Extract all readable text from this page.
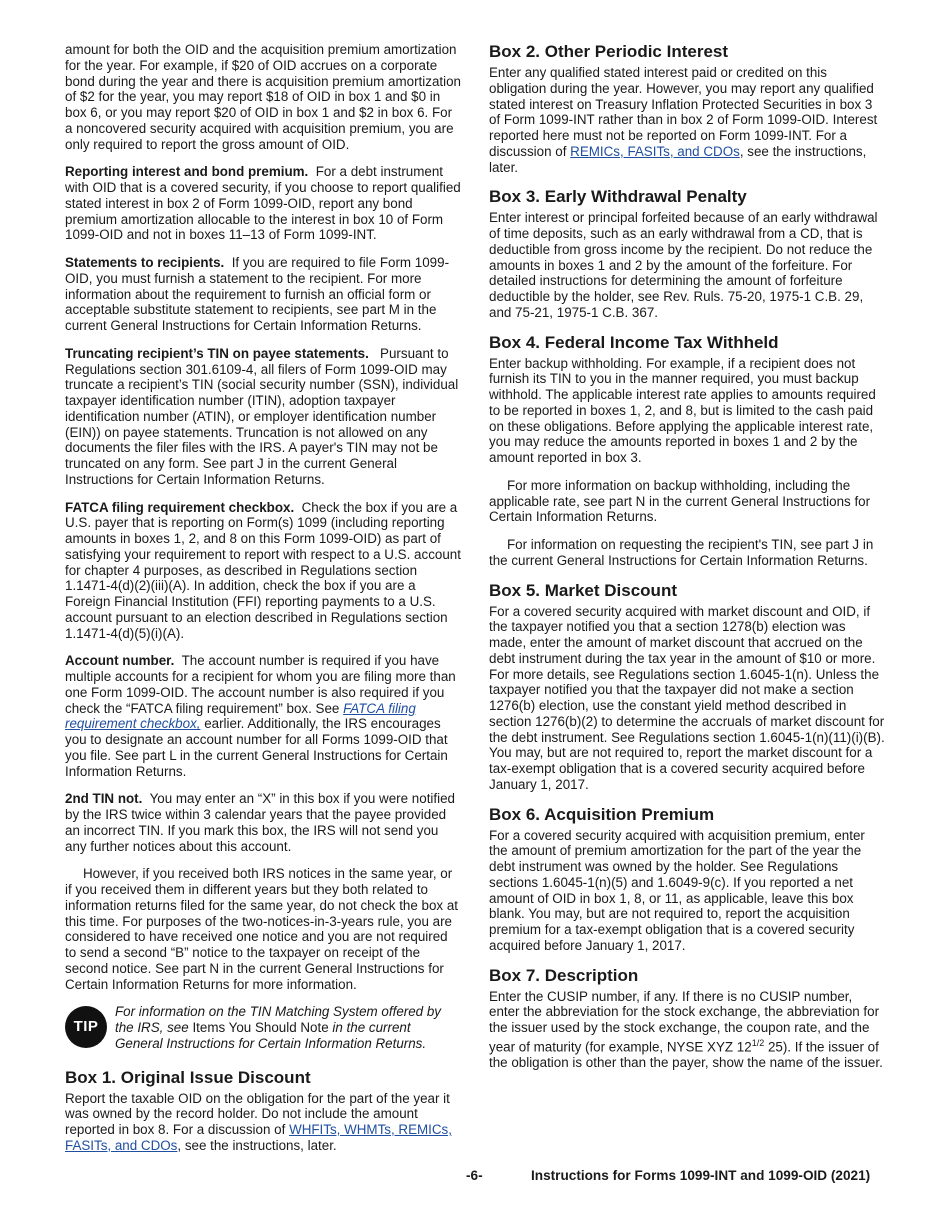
amount for both the OID and the acquisition premium amortization for the year. For example, if $20 of OID accrues on a corporate bond during the year and there is acquisition premium amortization of $2 for the year, you may report $18 of OID in box 1 and $0 in box 6, or you may report $20 of OID in box 1 and $2 in box 6. For a noncovered security acquired with acquisition premium, you are only required to report the gross amount of OID.

Reporting interest and bond premium. For a debt instrument with OID that is a covered security, if you choose to report qualified stated interest in box 2 of Form 1099-OID, report any bond premium amortization allocable to the interest in box 10 of Form 1099-OID and not in boxes 11–13 of Form 1099-INT.

Statements to recipients. If you are required to file Form 1099-OID, you must furnish a statement to the recipient. For more information about the requirement to furnish an official form or acceptable substitute statement to recipients, see part M in the current General Instructions for Certain Information Returns.

Truncating recipient’s TIN on payee statements. Pursuant to Regulations section 301.6109-4, all filers of Form 1099-OID may truncate a recipient’s TIN (social security number (SSN), individual taxpayer identification number (ITIN), adoption taxpayer identification number (ATIN), or employer identification number (EIN)) on payee statements. Truncation is not allowed on any documents the filer files with the IRS. A payer's TIN may not be truncated on any form. See part J in the current General Instructions for Certain Information Returns.

FATCA filing requirement checkbox. Check the box if you are a U.S. payer that is reporting on Form(s) 1099 (including reporting amounts in boxes 1, 2, and 8 on this Form 1099-OID) as part of satisfying your requirement to report with respect to a U.S. account for chapter 4 purposes, as described in Regulations section 1.1471-4(d)(2)(iii)(A). In addition, check the box if you are a Foreign Financial Institution (FFI) reporting payments to a U.S. account pursuant to an election described in Regulations section 1.1471-4(d)(5)(i)(A).

Account number. The account number is required if you have multiple accounts for a recipient for whom you are filing more than one Form 1099-OID. The account number is also required if you check the “FATCA filing requirement” box. See FATCA filing requirement checkbox, earlier. Additionally, the IRS encourages you to designate an account number for all Forms 1099-OID that you file. See part L in the current General Instructions for Certain Information Returns.

2nd TIN not. You may enter an “X” in this box if you were notified by the IRS twice within 3 calendar years that the payee provided an incorrect TIN. If you mark this box, the IRS will not send you any further notices about this account.

However, if you received both IRS notices in the same year, or if you received them in different years but they both related to information returns filed for the same year, do not check the box at this time. For purposes of the two-notices-in-3-years rule, you are considered to have received one notice and you are not required to send a second “B” notice to the taxpayer on receipt of the second notice. See part N in the current General Instructions for Certain Information Returns for more information.

TIP
For information on the TIN Matching System offered by the IRS, see Items You Should Note in the current General Instructions for Certain Information Returns.
Box 1. Original Issue Discount

Report the taxable OID on the obligation for the part of the year it was owned by the record holder. Do not include the amount reported in box 8. For a discussion of WHFITs, WHMTs, REMICs, FASITs, and CDOs, see the instructions, later.

Box 2. Other Periodic Interest

Enter any qualified stated interest paid or credited on this obligation during the year. However, you may report any qualified stated interest on Treasury Inflation Protected Securities in box 3 of Form 1099-INT rather than in box 2 of Form 1099-OID. Interest reported here must not be reported on Form 1099-INT. For a discussion of REMICs, FASITs, and CDOs, see the instructions, later.

Box 3. Early Withdrawal Penalty

Enter interest or principal forfeited because of an early withdrawal of time deposits, such as an early withdrawal from a CD, that is deductible from gross income by the recipient. Do not reduce the amounts in boxes 1 and 2 by the amount of the forfeiture. For detailed instructions for determining the amount of forfeiture deductible by the holder, see Rev. Ruls. 75-20, 1975-1 C.B. 29, and 75-21, 1975-1 C.B. 367.

Box 4. Federal Income Tax Withheld

Enter backup withholding. For example, if a recipient does not furnish its TIN to you in the manner required, you must backup withhold. The applicable interest rate applies to amounts required to be reported in boxes 1, 2, and 8, but is limited to the cash paid on these obligations. Before applying the applicable interest rate, you may reduce the amounts reported in boxes 1 and 2 by the amount reported in box 3.

For more information on backup withholding, including the applicable rate, see part N in the current General Instructions for Certain Information Returns.

For information on requesting the recipient's TIN, see part J in the current General Instructions for Certain Information Returns.

Box 5. Market Discount

For a covered security acquired with market discount and OID, if the taxpayer notified you that a section 1278(b) election was made, enter the amount of market discount that accrued on the debt instrument during the tax year in the amount of $10 or more. For more details, see Regulations section 1.6045-1(n). Unless the taxpayer notified you that the taxpayer did not make a section 1276(b) election, use the constant yield method described in section 1276(b)(2) to determine the accruals of market discount for the debt instrument. See Regulations section 1.6045-1(n)(11)(i)(B). You may, but are not required to, report the market discount for a tax-exempt obligation that is a covered security acquired before January 1, 2017.

Box 6. Acquisition Premium

For a covered security acquired with acquisition premium, enter the amount of premium amortization for the part of the year the debt instrument was owned by the holder. See Regulations sections 1.6045-1(n)(5) and 1.6049-9(c). If you reported a net amount of OID in box 1, 8, or 11, as applicable, leave this box blank. You may, but are not required to, report the acquisition premium for a tax-exempt obligation that is a covered security acquired before January 1, 2017.

Box 7. Description

Enter the CUSIP number, if any. If there is no CUSIP number, enter the abbreviation for the stock exchange, the abbreviation for the issuer used by the stock exchange, the coupon rate, and the year of maturity (for example, NYSE XYZ $12^{1/2}$ 25). If the issuer of the obligation is other than the payer, show the name of the issuer.

-6-	Instructions for Forms 1099-INT and 1099-OID (2021)
